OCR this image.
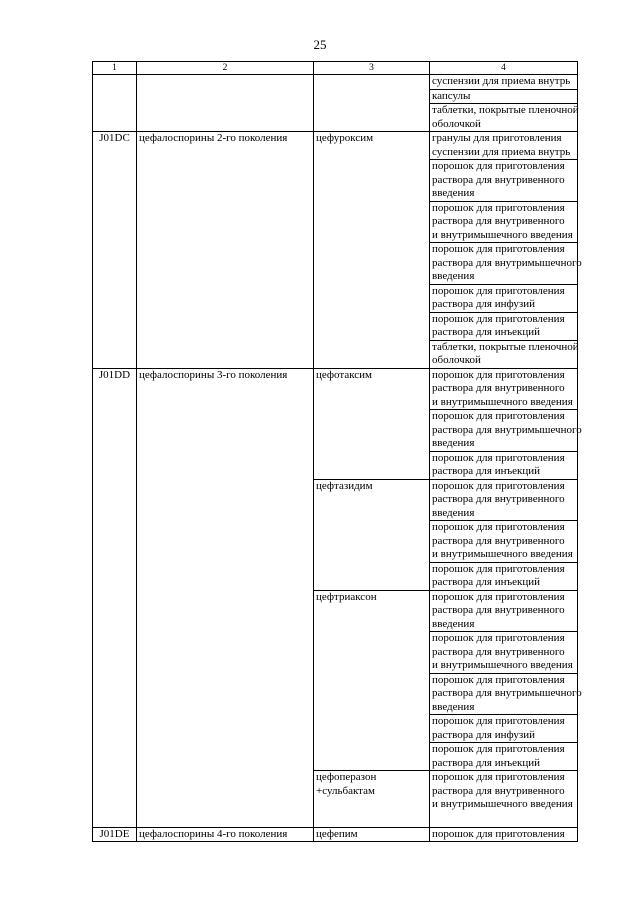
25
1	2	3	4

			суспензии для приема внутрь

			капсулы

			таблетки, покрытые пленочной
оболочкой

J01DC	цефалоспорины 2-го поколения	цефуроксим	гранулы для приготовления
суспензии для приема внутрь

			порошок для приготовления
раствора для внутривенного
введения

			порошок для приготовления
раствора для внутривенного
и внутримышечного введения

			порошок для приготовления
раствора для внутримышечного
введения

			порошок для приготовления
раствора для инфузий

			порошок для приготовления
раствора для инъекций

			таблетки, покрытые пленочной
оболочкой

J01DD	цефалоспорины 3-го поколения	цефотаксим	порошок для приготовления
раствора для внутривенного
и внутримышечного введения

			порошок для приготовления
раствора для внутримышечного
введения

			порошок для приготовления
раствора для инъекций

		цефтазидим	порошок для приготовления
раствора для внутривенного
введения

			порошок для приготовления
раствора для внутривенного
и внутримышечного введения

			порошок для приготовления
раствора для инъекций

		цефтриаксон	порошок для приготовления
раствора для внутривенного
введения

			порошок для приготовления
раствора для внутривенного
и внутримышечного введения

			порошок для приготовления
раствора для внутримышечного
введения

			порошок для приготовления
раствора для инфузий

			порошок для приготовления
раствора для инъекций

		цефоперазон +сульбактам	порошок для приготовления
раствора для внутривенного
и внутримышечного введения

J01DE	цефалоспорины 4-го поколения	цефепим	порошок для приготовления
